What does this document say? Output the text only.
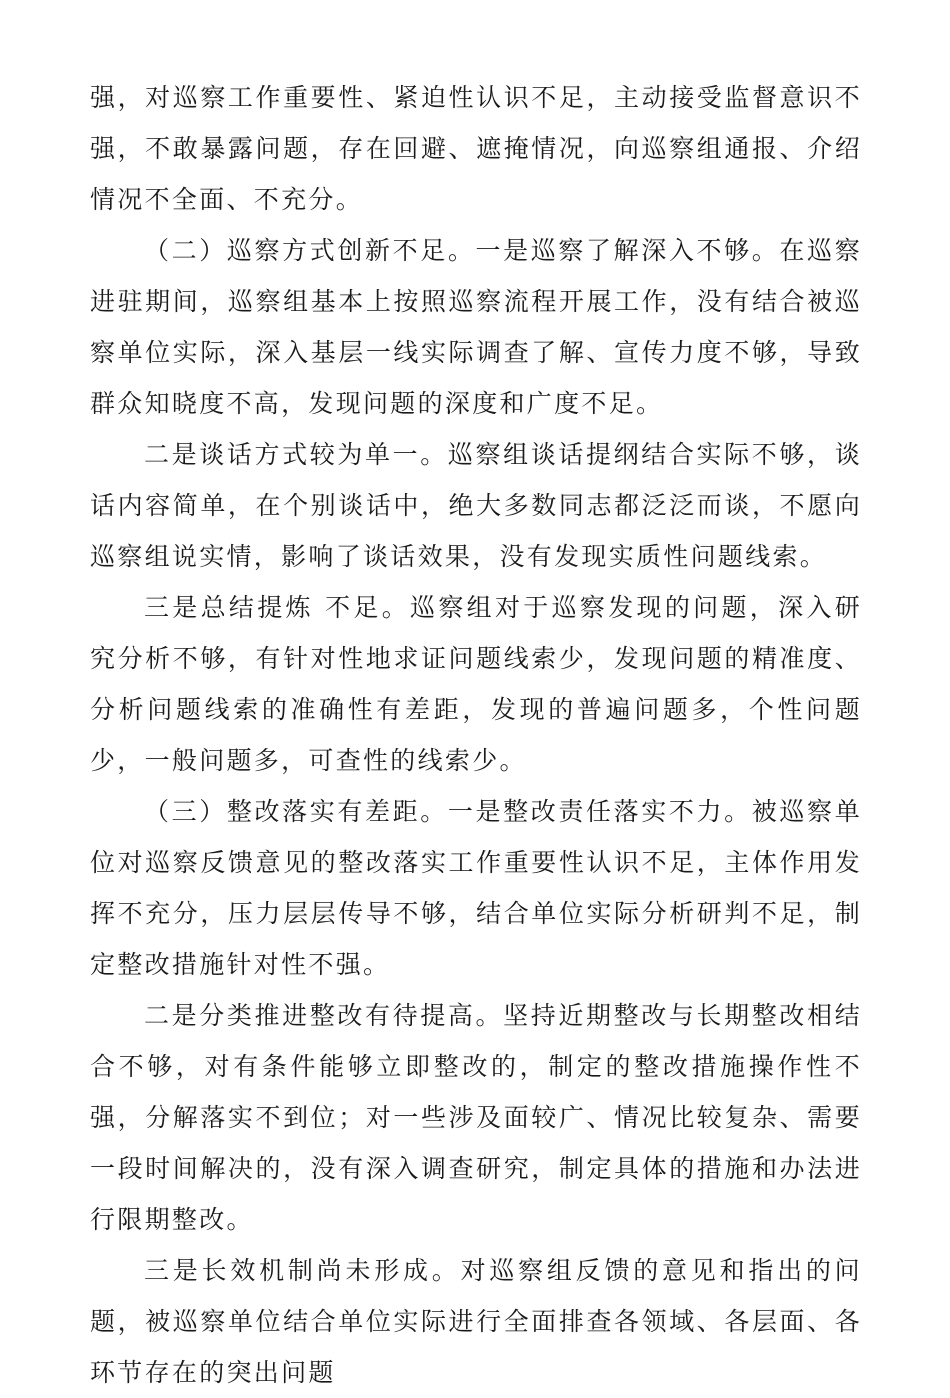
强，对巡察工作重要性、紧迫性认识不足，主动接受监督意识不强，不敢暴露问题，存在回避、遮掩情况，向巡察组通报、介绍情况不全面、不充分。

（二）巡察方式创新不足。一是巡察了解深入不够。在巡察进驻期间，巡察组基本上按照巡察流程开展工作，没有结合被巡察单位实际，深入基层一线实际调查了解、宣传力度不够，导致群众知晓度不高，发现问题的深度和广度不足。

二是谈话方式较为单一。巡察组谈话提纲结合实际不够，谈话内容简单，在个别谈话中，绝大多数同志都泛泛而谈，不愿向巡察组说实情，影响了谈话效果，没有发现实质性问题线索。

三是总结提炼 不足。巡察组对于巡察发现的问题，深入研究分析不够，有针对性地求证问题线索少，发现问题的精准度、分析问题线索的准确性有差距，发现的普遍问题多，个性问题少，一般问题多，可查性的线索少。

（三）整改落实有差距。一是整改责任落实不力。被巡察单位对巡察反馈意见的整改落实工作重要性认识不足，主体作用发挥不充分，压力层层传导不够，结合单位实际分析研判不足，制定整改措施针对性不强。

二是分类推进整改有待提高。坚持近期整改与长期整改相结合不够，对有条件能够立即整改的，制定的整改措施操作性不强，分解落实不到位；对一些涉及面较广、情况比较复杂、需要一段时间解决的，没有深入调查研究，制定具体的措施和办法进行限期整改。

三是长效机制尚未形成。对巡察组反馈的意见和指出的问题，被巡察单位结合单位实际进行全面排查各领域、各层面、各环节存在的突出问题
